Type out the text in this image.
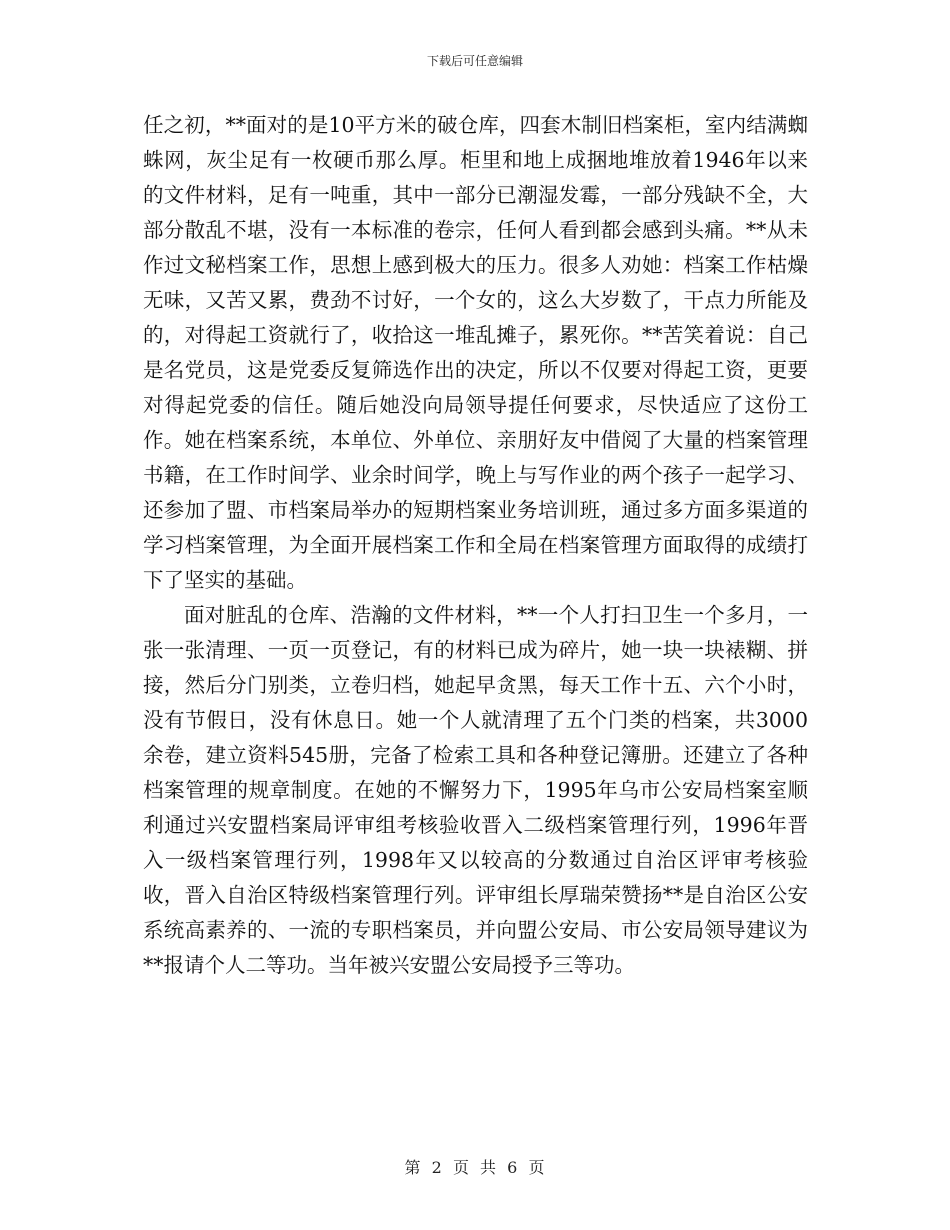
下载后可任意编辑

任之初，**面对的是10平方米的破仓库，四套木制旧档案柜，室内结满蜘蛛网，灰尘足有一枚硬币那么厚。柜里和地上成捆地堆放着1946年以来的文件材料，足有一吨重，其中一部分已潮湿发霉，一部分残缺不全，大部分散乱不堪，没有一本标准的卷宗，任何人看到都会感到头痛。**从未作过文秘档案工作，思想上感到极大的压力。很多人劝她：档案工作枯燥无味，又苦又累，费劲不讨好，一个女的，这么大岁数了，干点力所能及的，对得起工资就行了，收拾这一堆乱摊子，累死你。**苦笑着说：自己是名党员，这是党委反复筛选作出的决定，所以不仅要对得起工资，更要对得起党委的信任。随后她没向局领导提任何要求，尽快适应了这份工作。她在档案系统，本单位、外单位、亲朋好友中借阅了大量的档案管理书籍，在工作时间学、业余时间学，晚上与写作业的两个孩子一起学习、还参加了盟、市档案局举办的短期档案业务培训班，通过多方面多渠道的学习档案管理，为全面开展档案工作和全局在档案管理方面取得的成绩打下了坚实的基础。

面对脏乱的仓库、浩瀚的文件材料，**一个人打扫卫生一个多月，一张一张清理、一页一页登记，有的材料已成为碎片，她一块一块裱糊、拼接，然后分门别类，立卷归档，她起早贪黑，每天工作十五、六个小时，没有节假日，没有休息日。她一个人就清理了五个门类的档案，共3000余卷，建立资料545册，完备了检索工具和各种登记簿册。还建立了各种档案管理的规章制度。在她的不懈努力下，1995年乌市公安局档案室顺利通过兴安盟档案局评审组考核验收晋入二级档案管理行列，1996年晋入一级档案管理行列，1998年又以较高的分数通过自治区评审考核验收，晋入自治区特级档案管理行列。评审组长厚瑞荣赞扬**是自治区公安系统高素养的、一流的专职档案员，并向盟公安局、市公安局领导建议为**报请个人二等功。当年被兴安盟公安局授予三等功。

第 2 页 共 6 页
